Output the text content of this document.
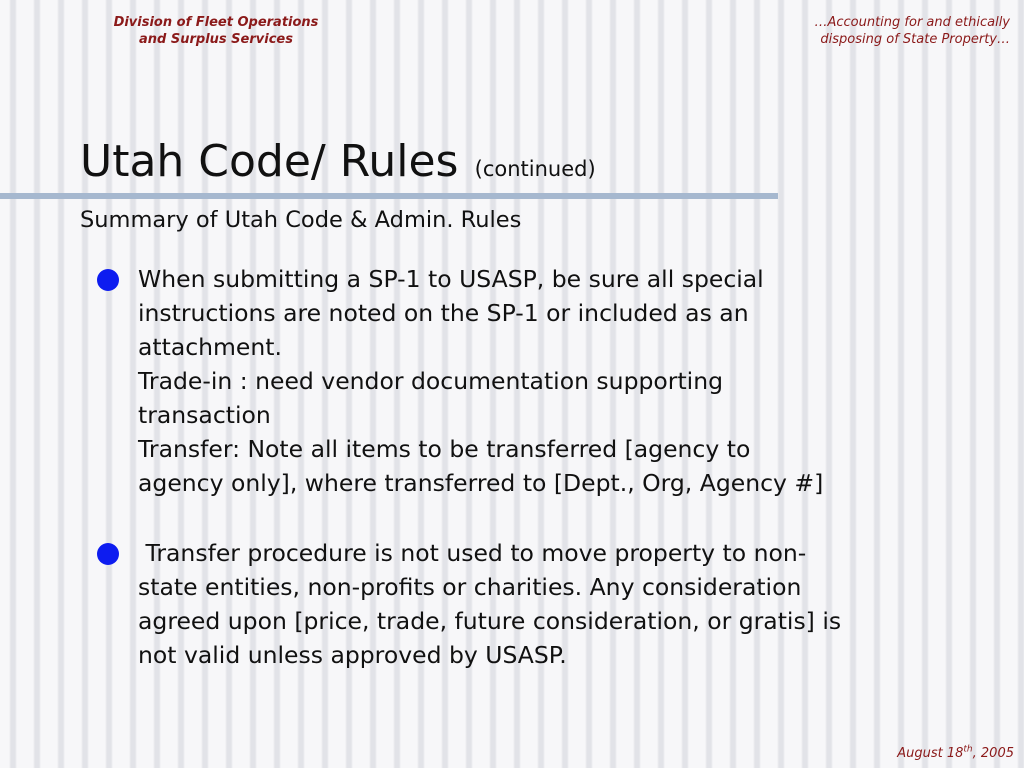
Division of Fleet Operations
and Surplus Services
…Accounting for and ethically
disposing of State Property…
Utah Code/ Rules (continued)
Summary of Utah Code & Admin. Rules
When submitting a SP-1 to USASP, be sure all special
instructions are noted on the SP-1 or included as an
attachment.
Trade-in : need vendor documentation supporting
transaction
Transfer: Note all items to be transferred [agency to
agency only], where transferred to [Dept., Org, Agency #]
Transfer procedure is not used to move property to non-
state entities, non-profits or charities. Any consideration
agreed upon [price, trade, future consideration, or gratis] is
not valid unless approved by USASP.
August 18th, 2005
